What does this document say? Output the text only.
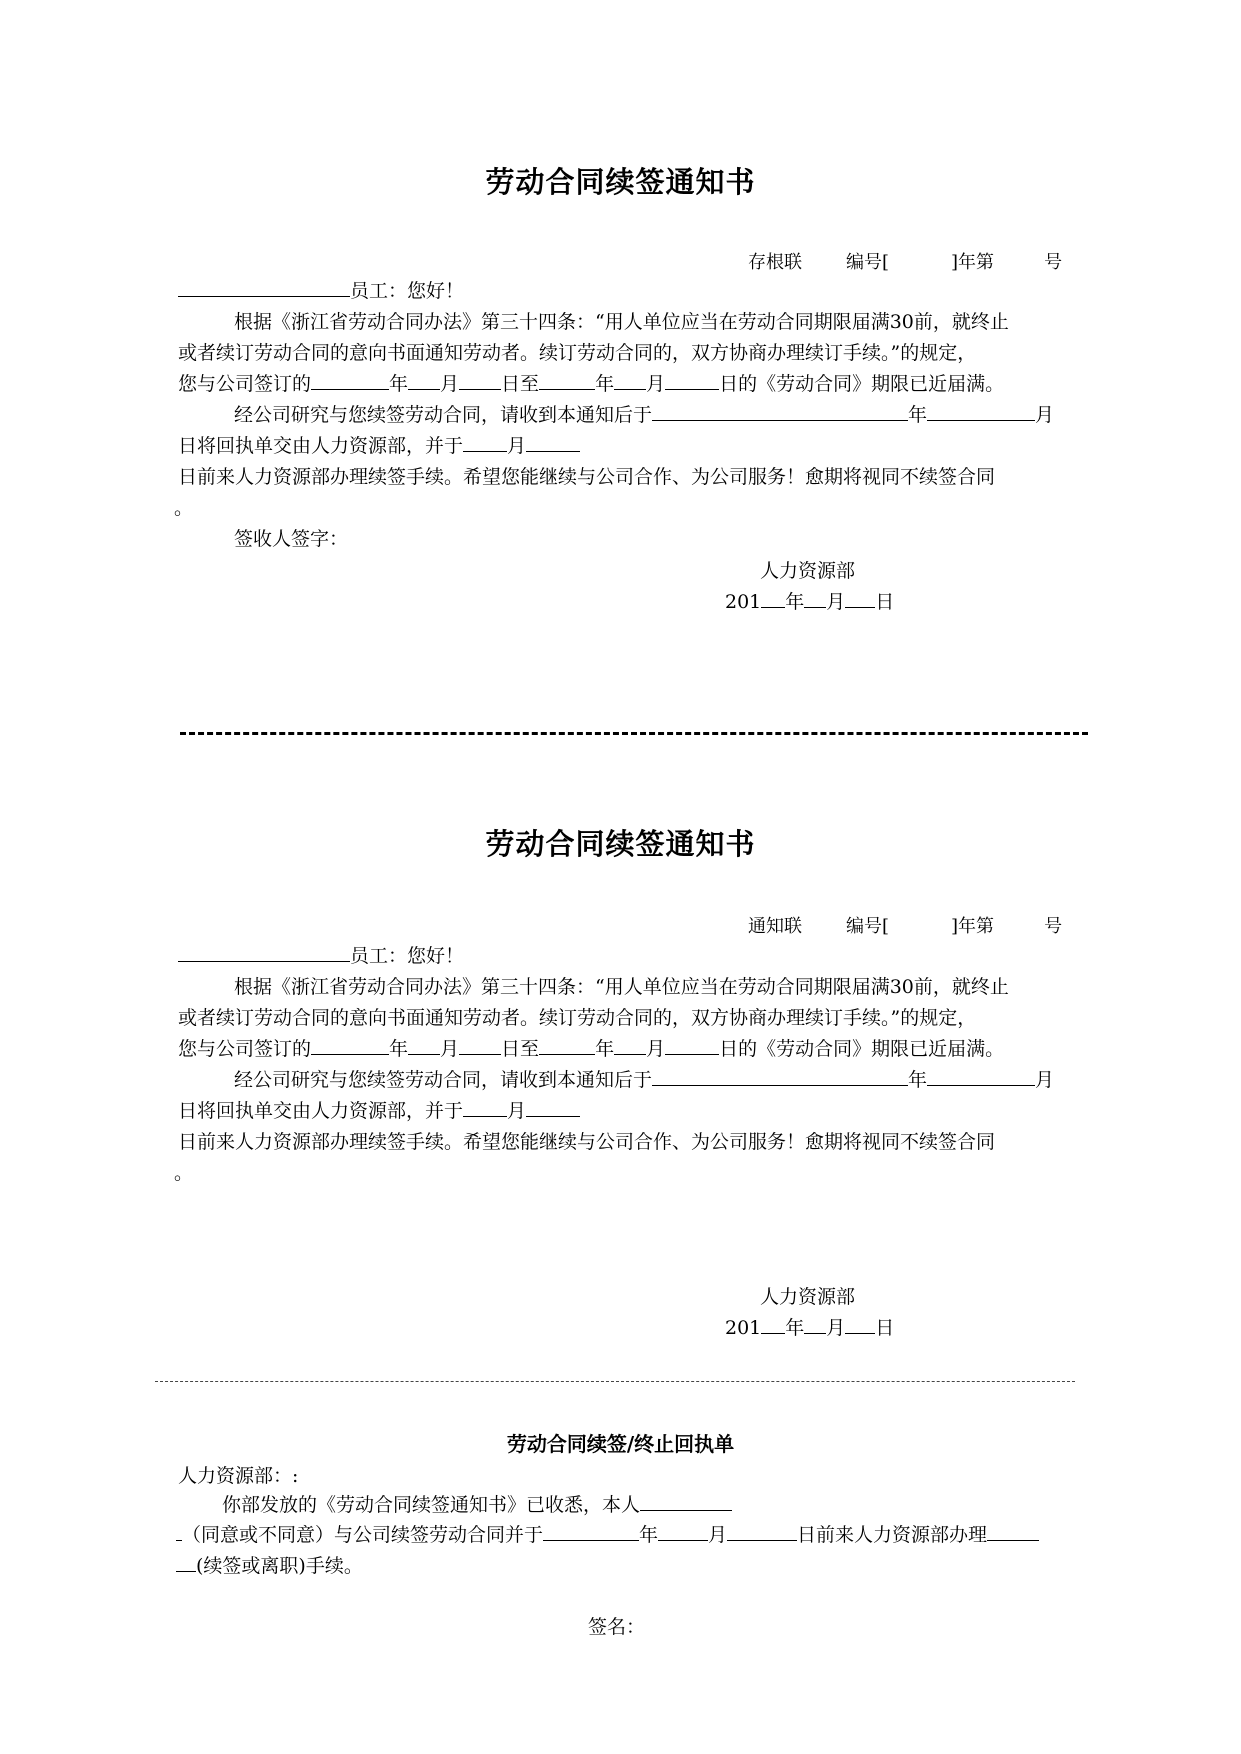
劳动合同续签通知书
存根联 编号[	]年第	号
员工：您好！
根据《浙江省劳动合同办法》第三十四条：“用人单位应当在劳动合同期限届满30前，就终止
或者续订劳动合同的意向书面通知劳动者。续订劳动合同的，双方协商办理续订手续。”的规定，
您与公司签订的	年 月 日至	年 月	日的《劳动合同》期限已近届满。
经公司研究与您续签劳动合同，请收到本通知后于	年	月
日将回执单交由人力资源部，并于 月
日前来人力资源部办理续签手续。希望您能继续与公司合作、为公司服务！愈期将视同不续签合同
。
签收人签字：
人力资源部
201 年 月 日
劳动合同续签通知书
通知联 编号[	]年第	号
员工：您好！
根据《浙江省劳动合同办法》第三十四条：“用人单位应当在劳动合同期限届满30前，就终止
或者续订劳动合同的意向书面通知劳动者。续订劳动合同的，双方协商办理续订手续。”的规定，
您与公司签订的	年 月 日至	年 月	日的《劳动合同》期限已近届满。
经公司研究与您续签劳动合同，请收到本通知后于	年	月
日将回执单交由人力资源部，并于 月
日前来人力资源部办理续签手续。希望您能继续与公司合作、为公司服务！愈期将视同不续签合同
。
人力资源部
201 年 月 日
劳动合同续签/终止回执单
人力资源部：:
你部发放的《劳动合同续签通知书》已收悉，本人
（同意或不同意）与公司续签劳动合同并于	年	月	日前来人力资源部办理
(续签或离职)手续。
签名：
